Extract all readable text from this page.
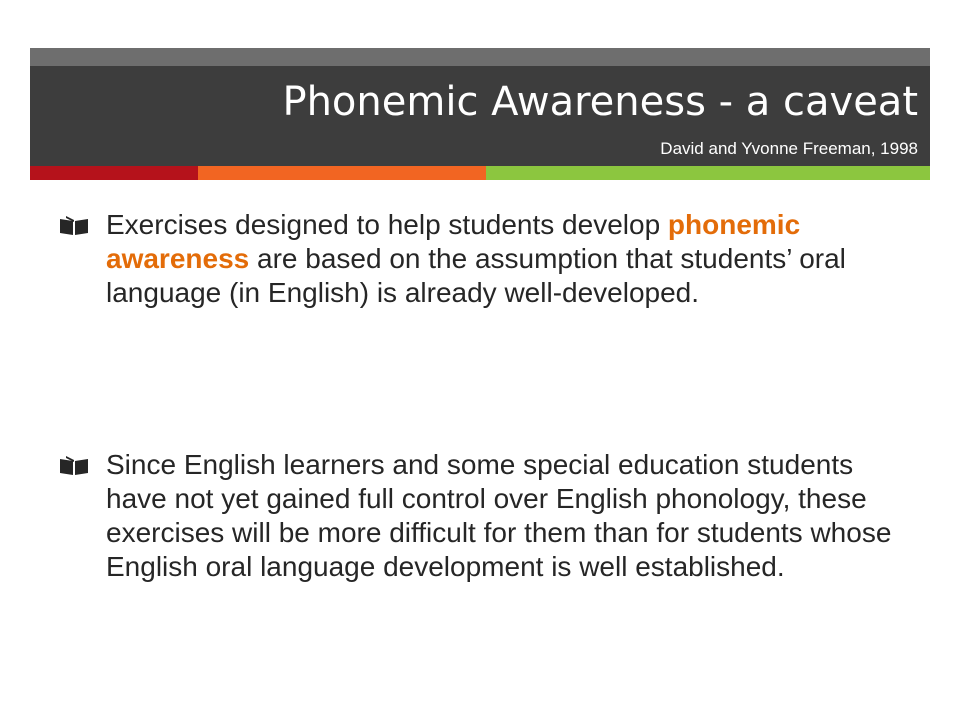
Phonemic Awareness - a caveat
David and Yvonne Freeman, 1998
Exercises designed to help students develop phonemic awareness are based on the assumption that students’ oral language (in English) is already well-developed.
Since English learners and some special education students have not yet gained full control over English phonology, these exercises will be more difficult for them than for students whose English oral language development is well established.
